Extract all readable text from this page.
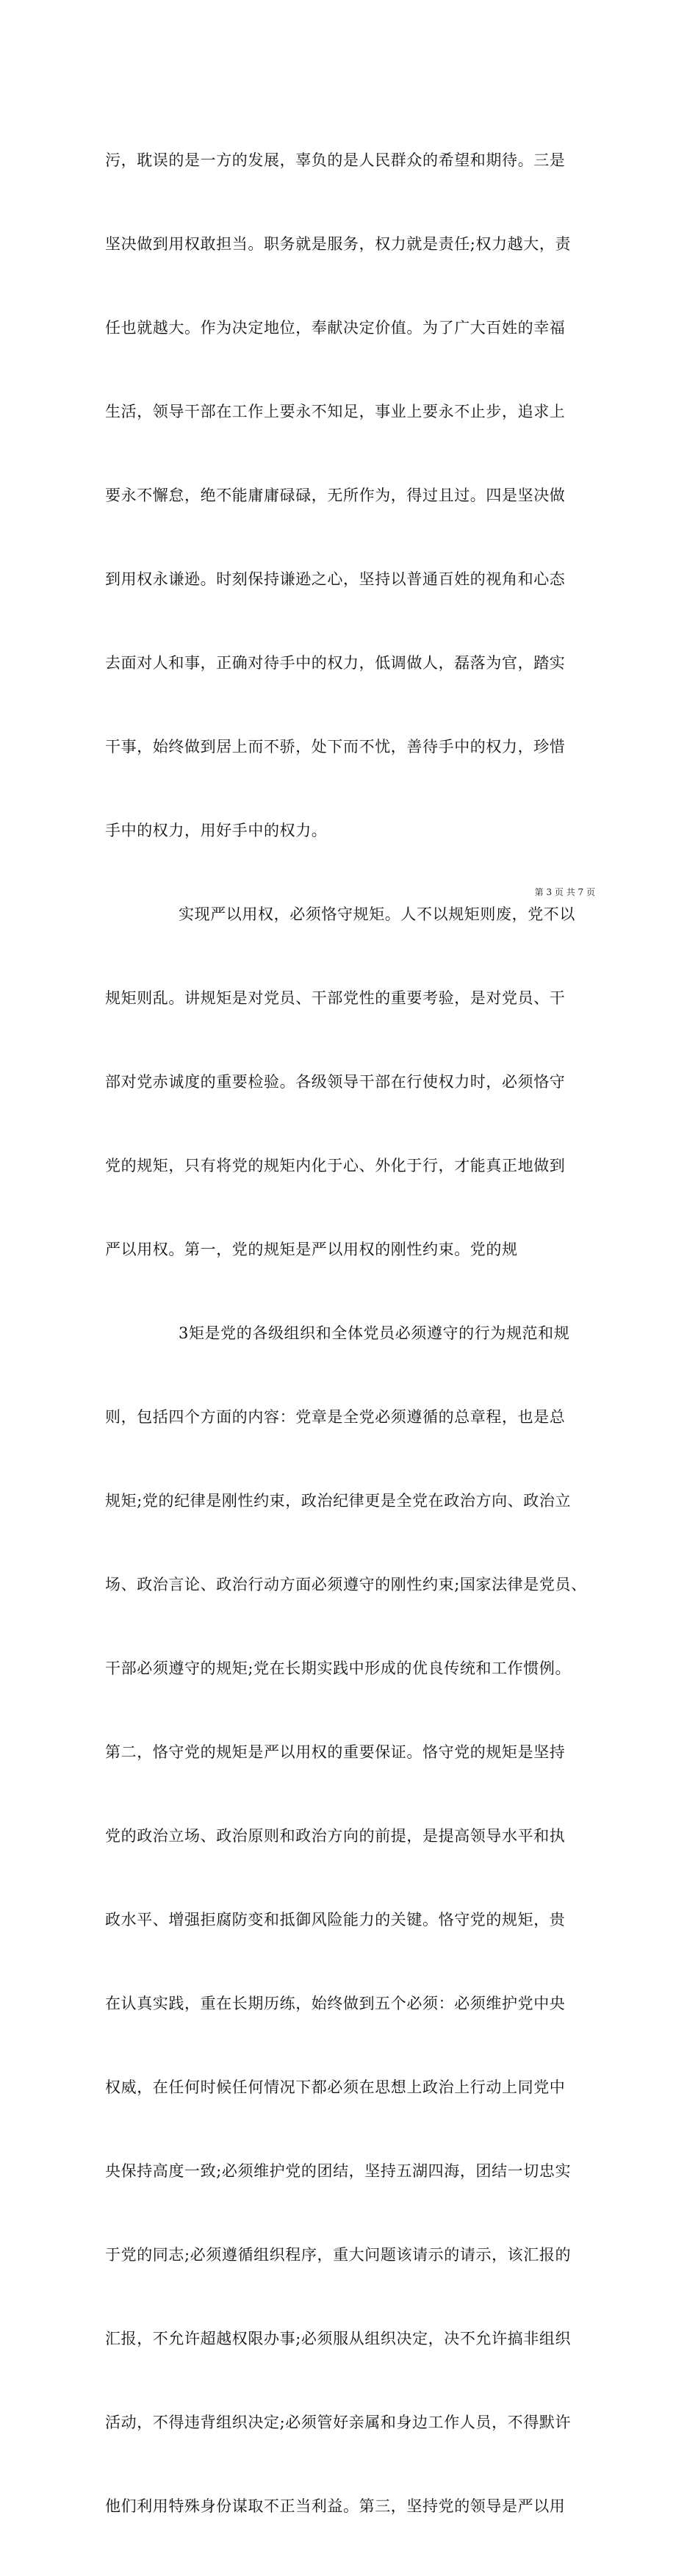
污，耽误的是一方的发展，辜负的是人民群众的希望和期待。三是

坚决做到用权敢担当。职务就是服务，权力就是责任;权力越大，责

任也就越大。作为决定地位，奉献决定价值。为了广大百姓的幸福

生活，领导干部在工作上要永不知足，事业上要永不止步，追求上

要永不懈怠，绝不能庸庸碌碌，无所作为，得过且过。四是坚决做

到用权永谦逊。时刻保持谦逊之心，坚持以普通百姓的视角和心态

去面对人和事，正确对待手中的权力，低调做人，磊落为官，踏实

干事，始终做到居上而不骄，处下而不忧，善待手中的权力，珍惜

手中的权力，用好手中的权力。

实现严以用权，必须恪守规矩。人不以规矩则废，党不以

规矩则乱。讲规矩是对党员、干部党性的重要考验，是对党员、干

部对党赤诚度的重要检验。各级领导干部在行使权力时，必须恪守

党的规矩，只有将党的规矩内化于心、外化于行，才能真正地做到

严以用权。第一，党的规矩是严以用权的刚性约束。党的规

3矩是党的各级组织和全体党员必须遵守的行为规范和规

则，包括四个方面的内容：党章是全党必须遵循的总章程，也是总

规矩;党的纪律是刚性约束，政治纪律更是全党在政治方向、政治立

场、政治言论、政治行动方面必须遵守的刚性约束;国家法律是党员、

干部必须遵守的规矩;党在长期实践中形成的优良传统和工作惯例。

第二，恪守党的规矩是严以用权的重要保证。恪守党的规矩是坚持

党的政治立场、政治原则和政治方向的前提，是提高领导水平和执

政水平、增强拒腐防变和抵御风险能力的关键。恪守党的规矩，贵

在认真实践，重在长期历练，始终做到五个必须：必须维护党中央

权威，在任何时候任何情况下都必须在思想上政治上行动上同党中

央保持高度一致;必须维护党的团结，坚持五湖四海，团结一切忠实

于党的同志;必须遵循组织程序，重大问题该请示的请示，该汇报的

汇报，不允许超越权限办事;必须服从组织决定，决不允许搞非组织

活动，不得违背组织决定;必须管好亲属和身边工作人员，不得默许

他们利用特殊身份谋取不正当利益。第三，坚持党的领导是严以用

第 3 页 共 7 页
